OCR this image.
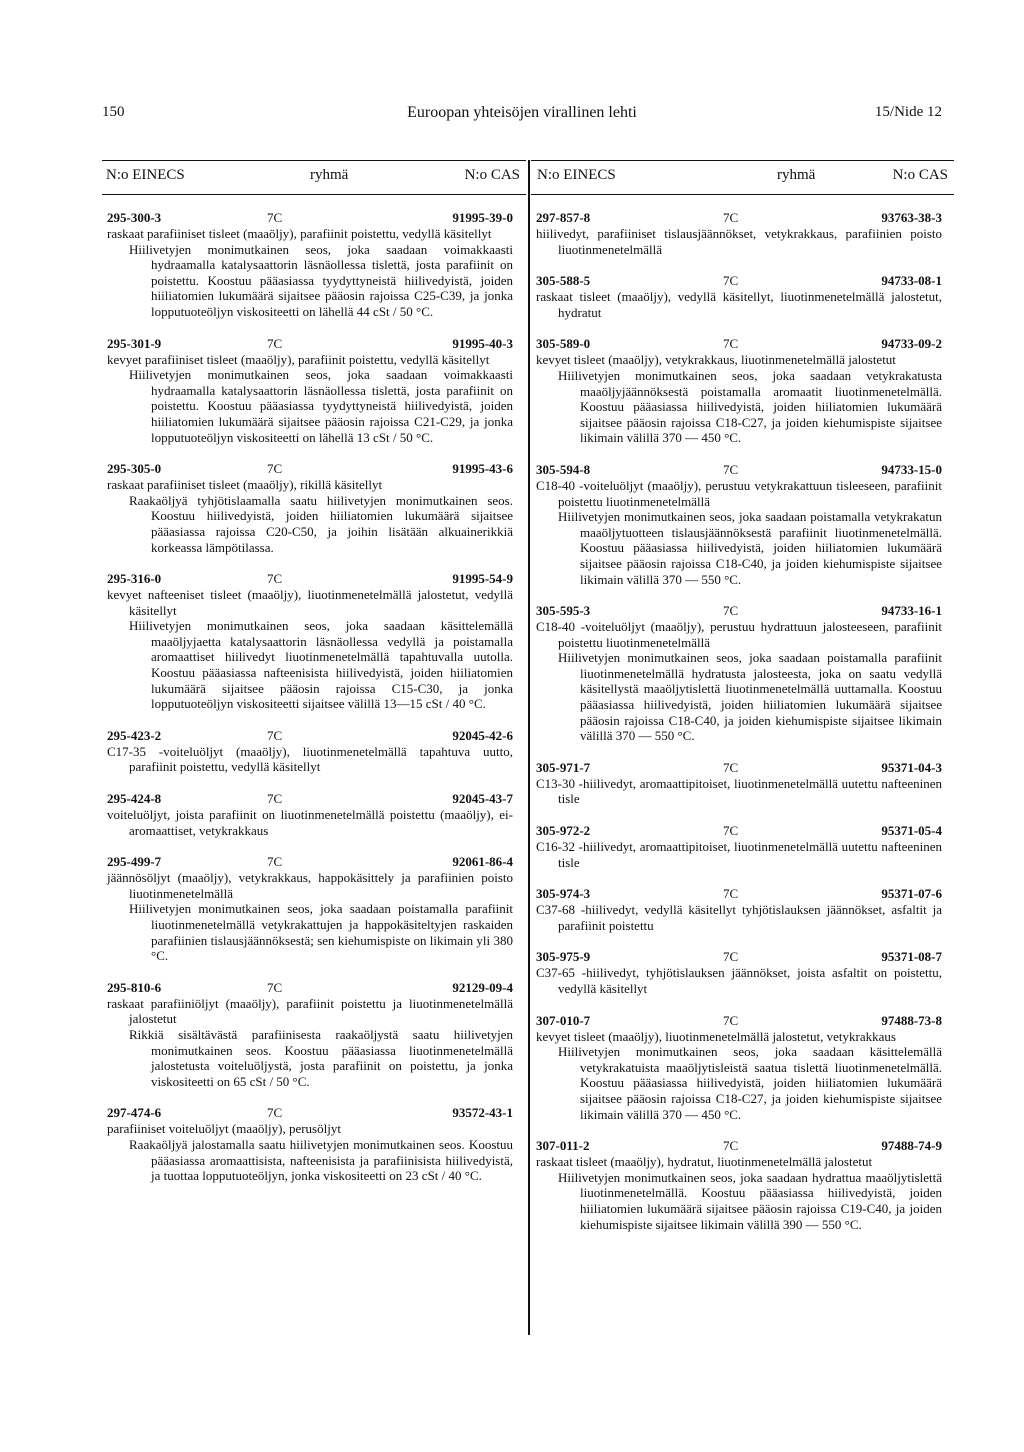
150	Euroopan yhteisöjen virallinen lehti	15/Nide 12
N:o EINECS	ryhmä	N:o CAS N:o EINECS	ryhmä	N:o CAS
295-300-3	7C	91995-39-0
raskaat parafiiniset tisleet (maaöljy), parafiinit poistettu, vedyllä käsitellyt
Hiilivetyjen monimutkainen seos, joka saadaan voimakkaasti hydraamalla katalysaattorin läsnäollessa tislettä, josta parafiinit on poistettu. Koostuu pääasiassa tyydyttyneistä hiilivedyistä, joiden hiiliatomien lukumäärä sijaitsee pääosin rajoissa C25-C39, ja jonka lopputuoteöljyn viskositeetti on lähellä 44 cSt / 50 °C.
295-301-9	7C	91995-40-3
kevyet parafiiniset tisleet (maaöljy), parafiinit poistettu, vedyllä käsitellyt
Hiilivetyjen monimutkainen seos, joka saadaan voimakkaasti hydraamalla katalysaattorin läsnäollessa tislettä, josta parafiinit on poistettu. Koostuu pääasiassa tyydyttyneistä hiilivedyistä, joiden hiiliatomien lukumäärä sijaitsee pääosin rajoissa C21-C29, ja jonka lopputuoteöljyn viskositeetti on lähellä 13 cSt / 50 °C.
295-305-0	7C	91995-43-6
raskaat parafiiniset tisleet (maaöljy), rikillä käsitellyt
Raakaöljyä tyhjötislaamalla saatu hiilivetyjen monimutkainen seos. Koostuu hiilivedyistä, joiden hiiliatomien lukumäärä sijaitsee pääasiassa rajoissa C20-C50, ja joihin lisätään alkuainerikkiä korkeassa lämpötilassa.
295-316-0	7C	91995-54-9
kevyet nafteeniset tisleet (maaöljy), liuotinmenetelmällä jalostetut, vedyllä käsitellyt
Hiilivetyjen monimutkainen seos, joka saadaan käsittelemällä maaöljyjaetta katalysaattorin läsnäollessa vedyllä ja poistamalla aromaattiset hiilivedyt liuotinmenetelmällä tapahtuvalla uutolla. Koostuu pääasiassa nafteenisista hiilivedyistä, joiden hiiliatomien lukumäärä sijaitsee pääosin rajoissa C15-C30, ja jonka lopputuoteöljyn viskositeetti sijaitsee välillä 13—15 cSt / 40 °C.
295-423-2	7C	92045-42-6
C17-35 -voiteluöljyt (maaöljy), liuotinmenetelmällä tapahtuva uutto, parafiinit poistettu, vedyllä käsitellyt
295-424-8	7C	92045-43-7
voiteluöljyt, joista parafiinit on liuotinmenetelmällä poistettu (maaöljy), ei-aromaattiset, vetykrakkaus
295-499-7	7C	92061-86-4
jäännösöljyt (maaöljy), vetykrakkaus, happokäsittely ja parafiinien poisto liuotinmenetelmällä
Hiilivetyjen monimutkainen seos, joka saadaan poistamalla parafiinit liuotinmenetelmällä vetykrakattujen ja happokäsiteltyjen raskaiden parafiinien tislausjäännöksestä; sen kiehumispiste on likimain yli 380 °C.
295-810-6	7C	92129-09-4
raskaat parafiiniöljyt (maaöljy), parafiinit poistettu ja liuotinmenetelmällä jalostetut
Rikkiä sisältävästä parafiinisesta raakaöljystä saatu hiilivetyjen monimutkainen seos. Koostuu pääasiassa liuotinmenetelmällä jalostetusta voiteluöljystä, josta parafiinit on poistettu, ja jonka viskositeetti on 65 cSt / 50 °C.
297-474-6	7C	93572-43-1
parafiiniset voiteluöljyt (maaöljy), perusöljyt
Raakaöljyä jalostamalla saatu hiilivetyjen monimutkainen seos. Koostuu pääasiassa aromaattisista, nafteenisista ja parafiinisista hiilivedyistä, ja tuottaa lopputuoteöljyn, jonka viskositeetti on 23 cSt / 40 °C.
297-857-8	7C	93763-38-3
hiilivedyt, parafiiniset tislausjäännökset, vetykrakkaus, parafiinien poisto liuotinmenetelmällä
305-588-5	7C	94733-08-1
raskaat tisleet (maaöljy), vedyllä käsitellyt, liuotinmenetelmällä jalostetut, hydratut
305-589-0	7C	94733-09-2
kevyet tisleet (maaöljy), vetykrakkaus, liuotinmenetelmällä jalostetut
Hiilivetyjen monimutkainen seos, joka saadaan vetykrakatusta maaöljyjäännöksestä poistamalla aromaatit liuotinmenetelmällä. Koostuu pääasiassa hiilivedyistä, joiden hiiliatomien lukumäärä sijaitsee pääosin rajoissa C18-C27, ja joiden kiehumispiste sijaitsee likimain välillä 370 — 450 °C.
305-594-8	7C	94733-15-0
C18-40 -voiteluöljyt (maaöljy), perustuu vetykrakattuun tisleeseen, parafiinit poistettu liuotinmenetelmällä
Hiilivetyjen monimutkainen seos, joka saadaan poistamalla vetykrakatun maaöljytuotteen tislausjäännöksestä parafiinit liuotinmenetelmällä. Koostuu pääasiassa hiilivedyistä, joiden hiiliatomien lukumäärä sijaitsee pääosin rajoissa C18-C40, ja joiden kiehumispiste sijaitsee likimain välillä 370 — 550 °C.
305-595-3	7C	94733-16-1
C18-40 -voiteluöljyt (maaöljy), perustuu hydrattuun jalosteeseen, parafiinit poistettu liuotinmenetelmällä
Hiilivetyjen monimutkainen seos, joka saadaan poistamalla parafiinit liuotinmenetelmällä hydratusta jalosteesta, joka on saatu vedyllä käsitellystä maaöljytislettä liuotinmenetelmällä uuttamalla. Koostuu pääasiassa hiilivedyistä, joiden hiiliatomien lukumäärä sijaitsee pääosin rajoissa C18-C40, ja joiden kiehumispiste sijaitsee likimain välillä 370 — 550 °C.
305-971-7	7C	95371-04-3
C13-30 -hiilivedyt, aromaattipitoiset, liuotinmenetelmällä uutettu nafteeninen tisle
305-972-2	7C	95371-05-4
C16-32 -hiilivedyt, aromaattipitoiset, liuotinmenetelmällä uutettu nafteeninen tisle
305-974-3	7C	95371-07-6
C37-68 -hiilivedyt, vedyllä käsitellyt tyhjötislauksen jäännökset, asfaltit ja parafiinit poistettu
305-975-9	7C	95371-08-7
C37-65 -hiilivedyt, tyhjötislauksen jäännökset, joista asfaltit on poistettu, vedyllä käsitellyt
307-010-7	7C	97488-73-8
kevyet tisleet (maaöljy), liuotinmenetelmällä jalostetut, vetykrakkaus
Hiilivetyjen monimutkainen seos, joka saadaan käsittelemällä vetykrakatuista maaöljytisleistä saatua tislettä liuotinmenetelmällä. Koostuu pääasiassa hiilivedyistä, joiden hiiliatomien lukumäärä sijaitsee pääosin rajoissa C18-C27, ja joiden kiehumispiste sijaitsee likimain välillä 370 — 450 °C.
307-011-2	7C	97488-74-9
raskaat tisleet (maaöljy), hydratut, liuotinmenetelmällä jalostetut
Hiilivetyjen monimutkainen seos, joka saadaan hydrattua maaöljytislettä liuotinmenetelmällä. Koostuu pääasiassa hiilivedyistä, joiden hiiliatomien lukumäärä sijaitsee pääosin rajoissa C19-C40, ja joiden kiehumispiste sijaitsee likimain välillä 390 — 550 °C.
